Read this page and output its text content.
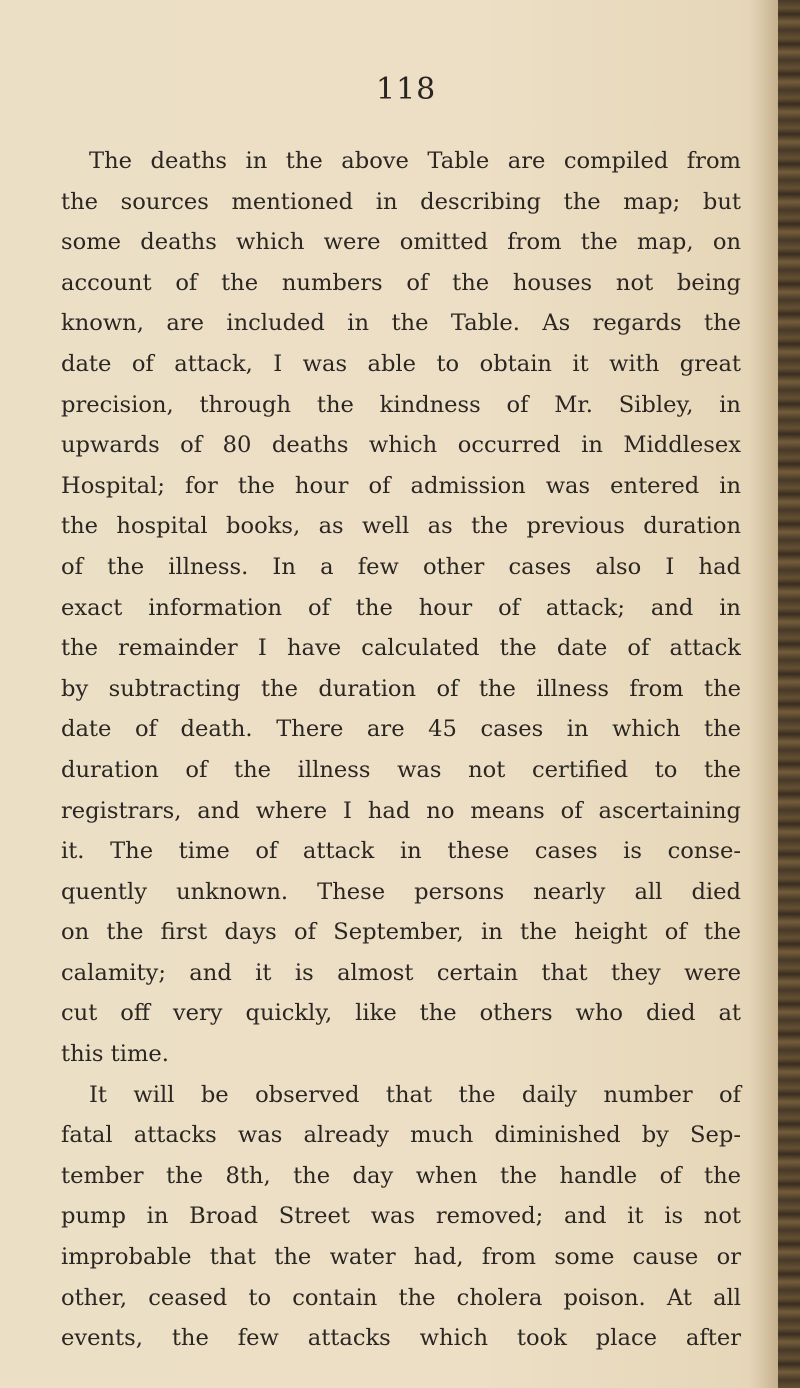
118
The deaths in the above Table are compiled from
the sources mentioned in describing the map; but
some deaths which were omitted from the map, on
account of the numbers of the houses not being
known, are included in the Table. As regards the
date of attack, I was able to obtain it with great
precision, through the kindness of Mr. Sibley, in
upwards of 80 deaths which occurred in Middlesex
Hospital; for the hour of admission was entered in
the hospital books, as well as the previous duration
of the illness. In a few other cases also I had
exact information of the hour of attack; and in
the remainder I have calculated the date of attack
by subtracting the duration of the illness from the
date of death. There are 45 cases in which the
duration of the illness was not certified to the
registrars, and where I had no means of ascertaining
it. The time of attack in these cases is conse-
quently unknown. These persons nearly all died
on the first days of September, in the height of the
calamity; and it is almost certain that they were
cut off very quickly, like the others who died at
this time.
It will be observed that the daily number of
fatal attacks was already much diminished by Sep-
tember the 8th, the day when the handle of the
pump in Broad Street was removed; and it is not
improbable that the water had, from some cause or
other, ceased to contain the cholera poison. At all
events, the few attacks which took place after
